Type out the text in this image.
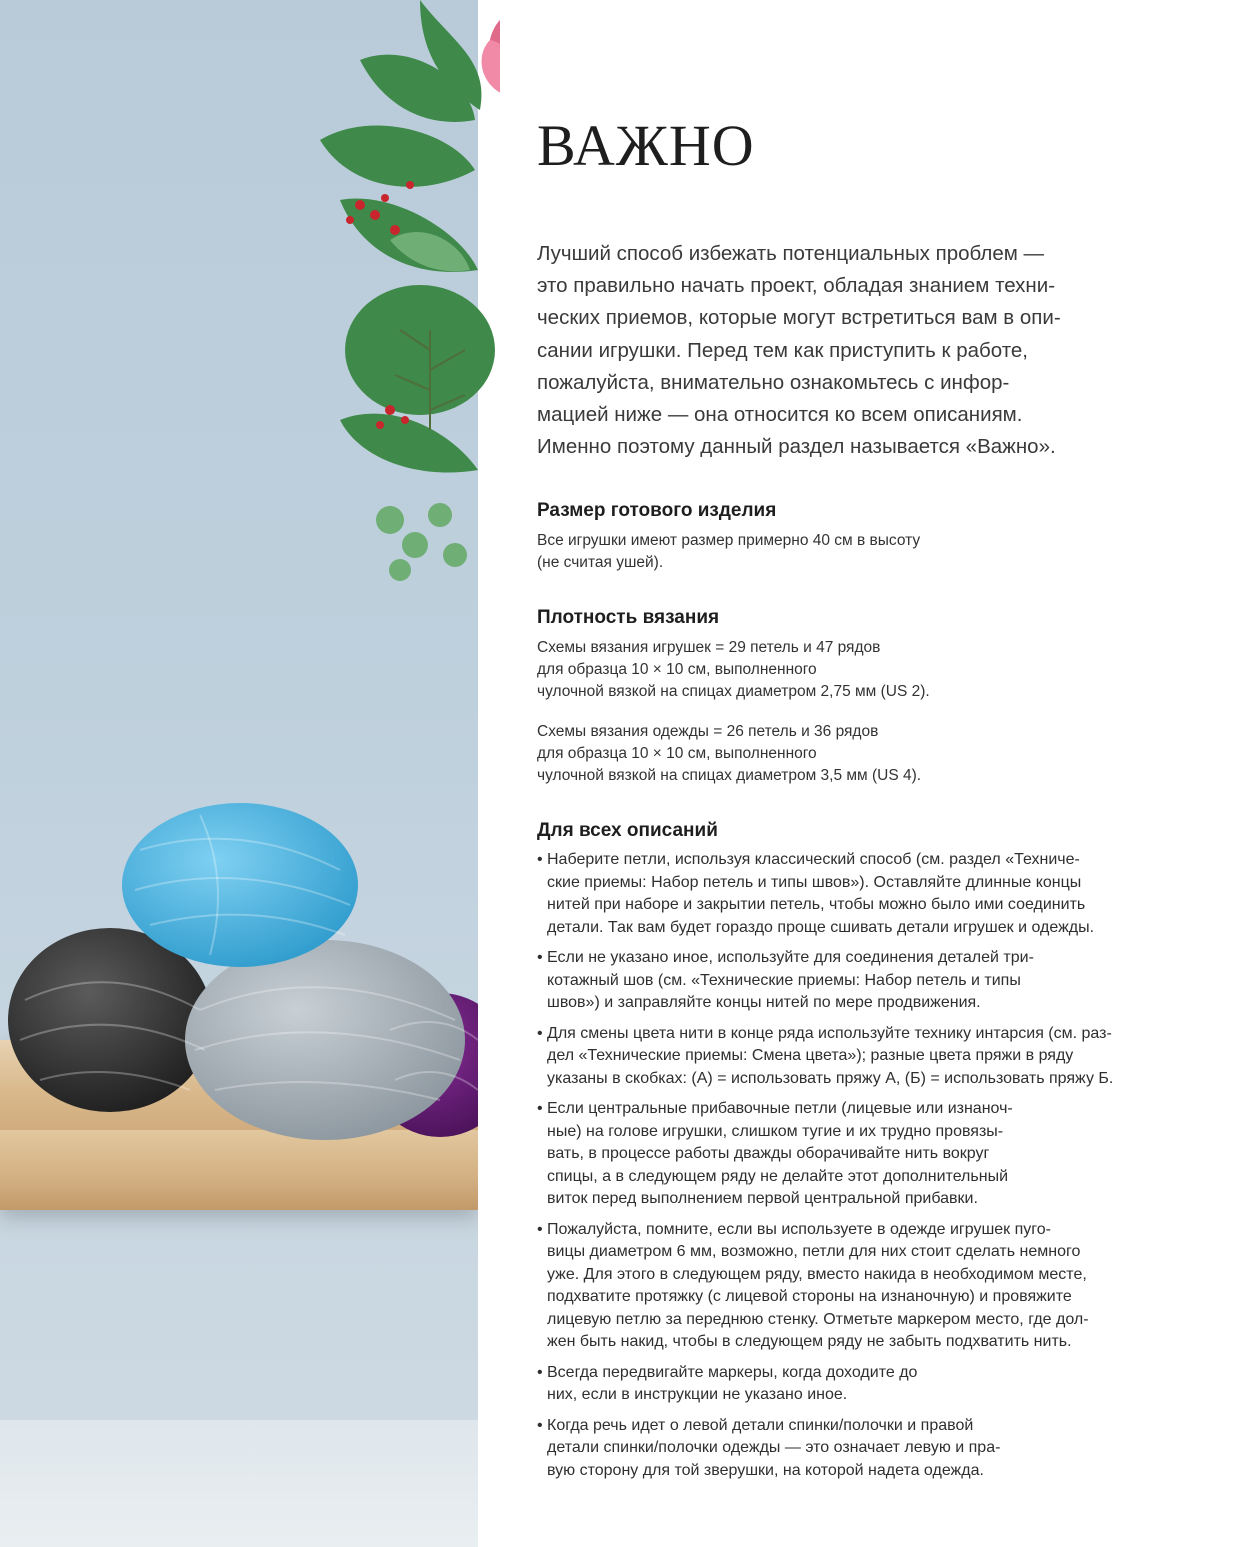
ВАЖНО
Лучший способ избежать потенциальных проблем —
это правильно начать проект, обладая знанием техни-
ческих приемов, которые могут встретиться вам в опи-
сании игрушки. Перед тем как приступить к работе,
пожалуйста, внимательно ознакомьтесь с инфор-
мацией ниже — она относится ко всем описаниям.
Именно поэтому данный раздел называется «Важно».
Размер готового изделия
Все игрушки имеют размер примерно 40 см в высоту
(не считая ушей).
Плотность вязания
Схемы вязания игрушек = 29 петель и 47 рядов
для образца 10 × 10 см, выполненного
чулочной вязкой на спицах диаметром 2,75 мм (US 2).
Схемы вязания одежды = 26 петель и 36 рядов
для образца 10 × 10 см, выполненного
чулочной вязкой на спицах диаметром 3,5 мм (US 4).
Для всех описаний
• Наберите петли, используя классический способ (см. раздел «Техниче-
ские приемы: Набор петель и типы швов»). Оставляйте длинные концы
нитей при наборе и закрытии петель, чтобы можно было ими соединить
детали. Так вам будет гораздо проще сшивать детали игрушек и одежды.
• Если не указано иное, используйте для соединения деталей три-
котажный шов (см. «Технические приемы: Набор петель и типы
швов») и заправляйте концы нитей по мере продвижения.
• Для смены цвета нити в конце ряда используйте технику интарсия (см. раз-
дел «Технические приемы: Смена цвета»); разные цвета пряжи в ряду
указаны в скобках: (А) = использовать пряжу А, (Б) = использовать пряжу Б.
• Если центральные прибавочные петли (лицевые или изнаноч-
ные) на голове игрушки, слишком тугие и их трудно провязы-
вать, в процессе работы дважды оборачивайте нить вокруг
спицы, а в следующем ряду не делайте этот дополнительный
виток перед выполнением первой центральной прибавки.
• Пожалуйста, помните, если вы используете в одежде игрушек пуго-
вицы диаметром 6 мм, возможно, петли для них стоит сделать немного
уже. Для этого в следующем ряду, вместо накида в необходимом месте,
подхватите протяжку (с лицевой стороны на изнаночную) и провяжите
лицевую петлю за переднюю стенку. Отметьте маркером место, где дол-
жен быть накид, чтобы в следующем ряду не забыть подхватить нить.
• Всегда передвигайте маркеры, когда доходите до
них, если в инструкции не указано иное.
• Когда речь идет о левой детали спинки/полочки и правой
детали спинки/полочки одежды — это означает левую и пра-
вую сторону для той зверушки, на которой надета одежда.
